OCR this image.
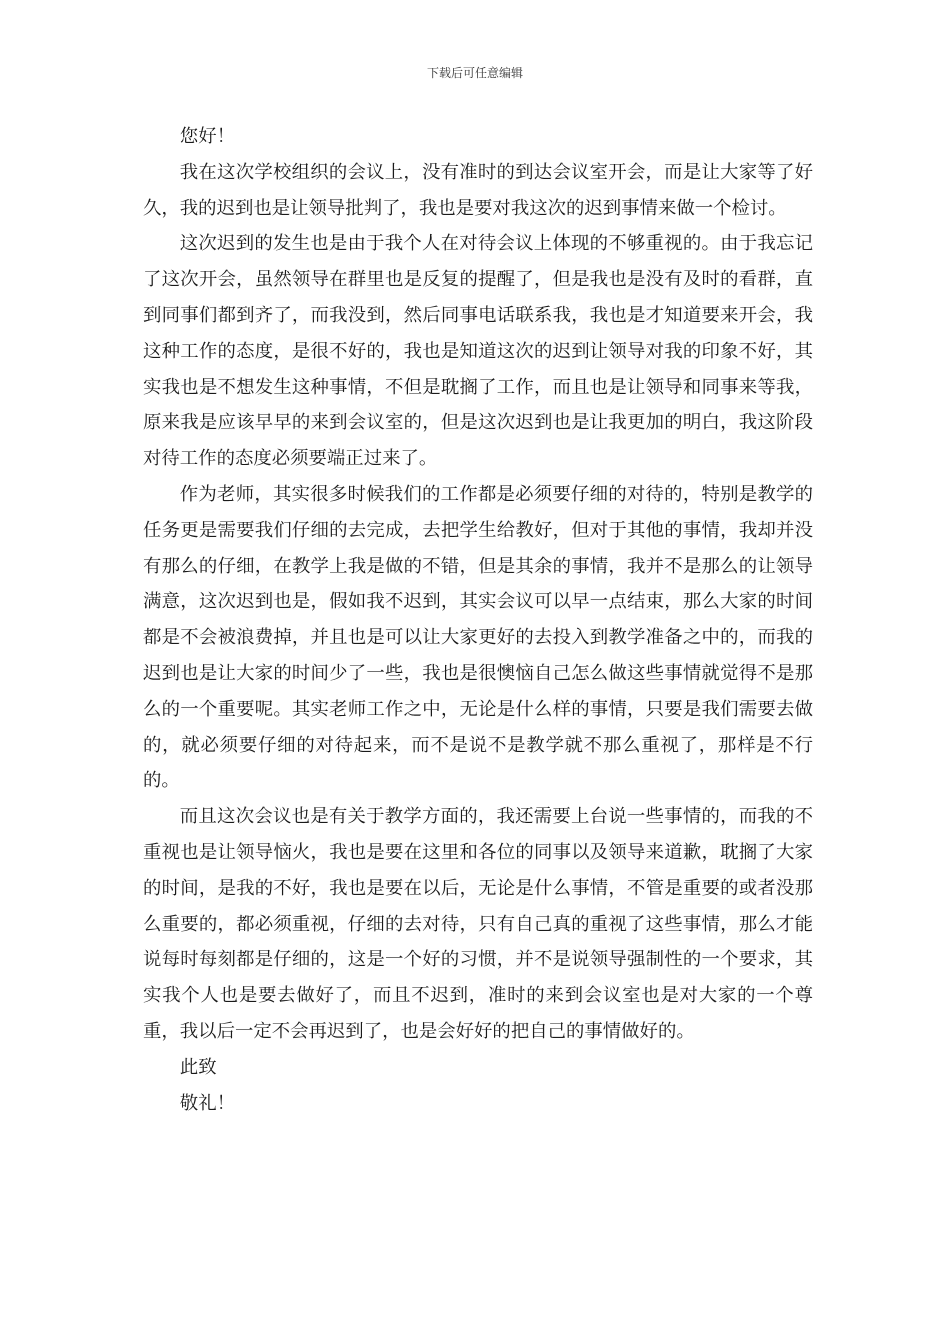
下载后可任意编辑

您好！

我在这次学校组织的会议上，没有准时的到达会议室开会，而是让大家等了好久，我的迟到也是让领导批判了，我也是要对我这次的迟到事情来做一个检讨。

这次迟到的发生也是由于我个人在对待会议上体现的不够重视的。由于我忘记了这次开会，虽然领导在群里也是反复的提醒了，但是我也是没有及时的看群，直到同事们都到齐了，而我没到，然后同事电话联系我，我也是才知道要来开会，我这种工作的态度，是很不好的，我也是知道这次的迟到让领导对我的印象不好，其实我也是不想发生这种事情，不但是耽搁了工作，而且也是让领导和同事来等我，原来我是应该早早的来到会议室的，但是这次迟到也是让我更加的明白，我这阶段对待工作的态度必须要端正过来了。

作为老师，其实很多时候我们的工作都是必须要仔细的对待的，特别是教学的任务更是需要我们仔细的去完成，去把学生给教好，但对于其他的事情，我却并没有那么的仔细，在教学上我是做的不错，但是其余的事情，我并不是那么的让领导满意，这次迟到也是，假如我不迟到，其实会议可以早一点结束，那么大家的时间都是不会被浪费掉，并且也是可以让大家更好的去投入到教学准备之中的，而我的迟到也是让大家的时间少了一些，我也是很懊恼自己怎么做这些事情就觉得不是那么的一个重要呢。其实老师工作之中，无论是什么样的事情，只要是我们需要去做的，就必须要仔细的对待起来，而不是说不是教学就不那么重视了，那样是不行的。

而且这次会议也是有关于教学方面的，我还需要上台说一些事情的，而我的不重视也是让领导恼火，我也是要在这里和各位的同事以及领导来道歉，耽搁了大家的时间，是我的不好，我也是要在以后，无论是什么事情，不管是重要的或者没那么重要的，都必须重视，仔细的去对待，只有自己真的重视了这些事情，那么才能说每时每刻都是仔细的，这是一个好的习惯，并不是说领导强制性的一个要求，其实我个人也是要去做好了，而且不迟到，准时的来到会议室也是对大家的一个尊重，我以后一定不会再迟到了，也是会好好的把自己的事情做好的。

此致

敬礼！
